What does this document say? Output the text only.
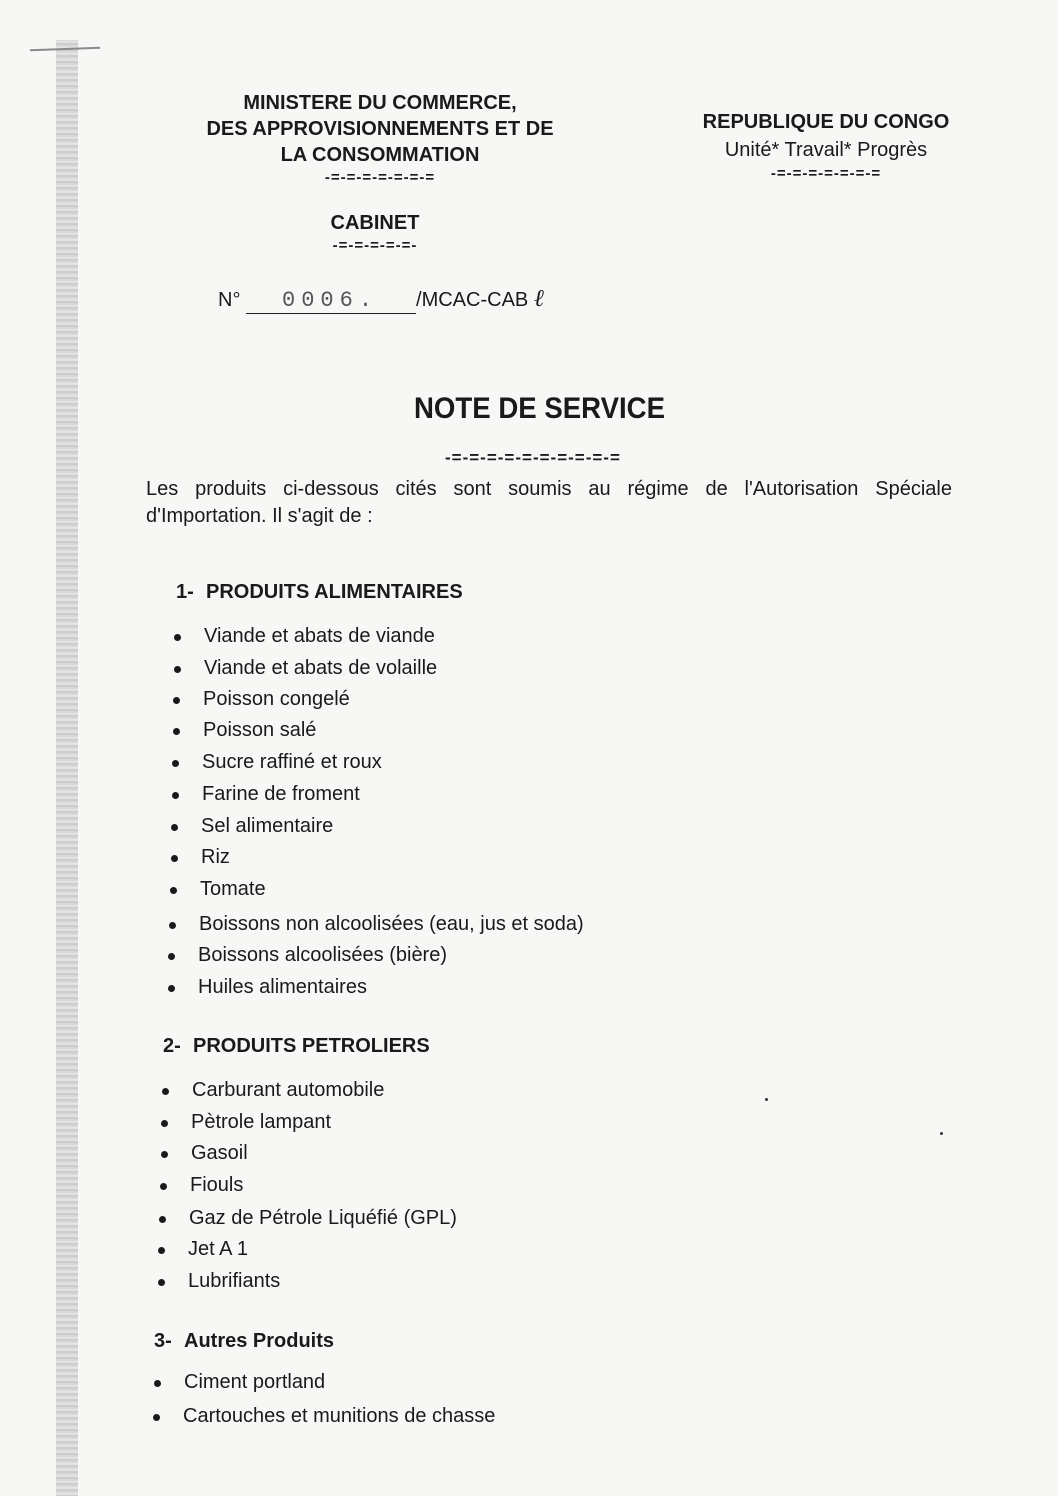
MINISTERE DU COMMERCE,
DES APPROVISIONNEMENTS ET DE
LA CONSOMMATION
-=-=-=-=-=-=-=
CABINET
-=-=-=-=-=-
REPUBLIQUE DU CONGO
Unité* Travail* Progrès
-=-=-=-=-=-=-=
N° 0006. /MCAC-CAB ℓ
NOTE DE SERVICE
-=-=-=-=-=-=-=-=-=-=
Les produits ci-dessous cités sont soumis au régime de l'Autorisation Spéciale d'Importation. Il s'agit de :
1- PRODUITS ALIMENTAIRES
Viande et abats de viande
Viande et abats de volaille
Poisson congelé
Poisson salé
Sucre raffiné et roux
Farine de froment
Sel alimentaire
Riz
Tomate
Boissons non alcoolisées (eau, jus et soda)
Boissons alcoolisées (bière)
Huiles alimentaires
2- PRODUITS PETROLIERS
Carburant automobile
Pètrole lampant
Gasoil
Fiouls
Gaz de Pétrole Liquéfié (GPL)
Jet A 1
Lubrifiants
3- Autres Produits
Ciment portland
Cartouches et munitions de chasse
